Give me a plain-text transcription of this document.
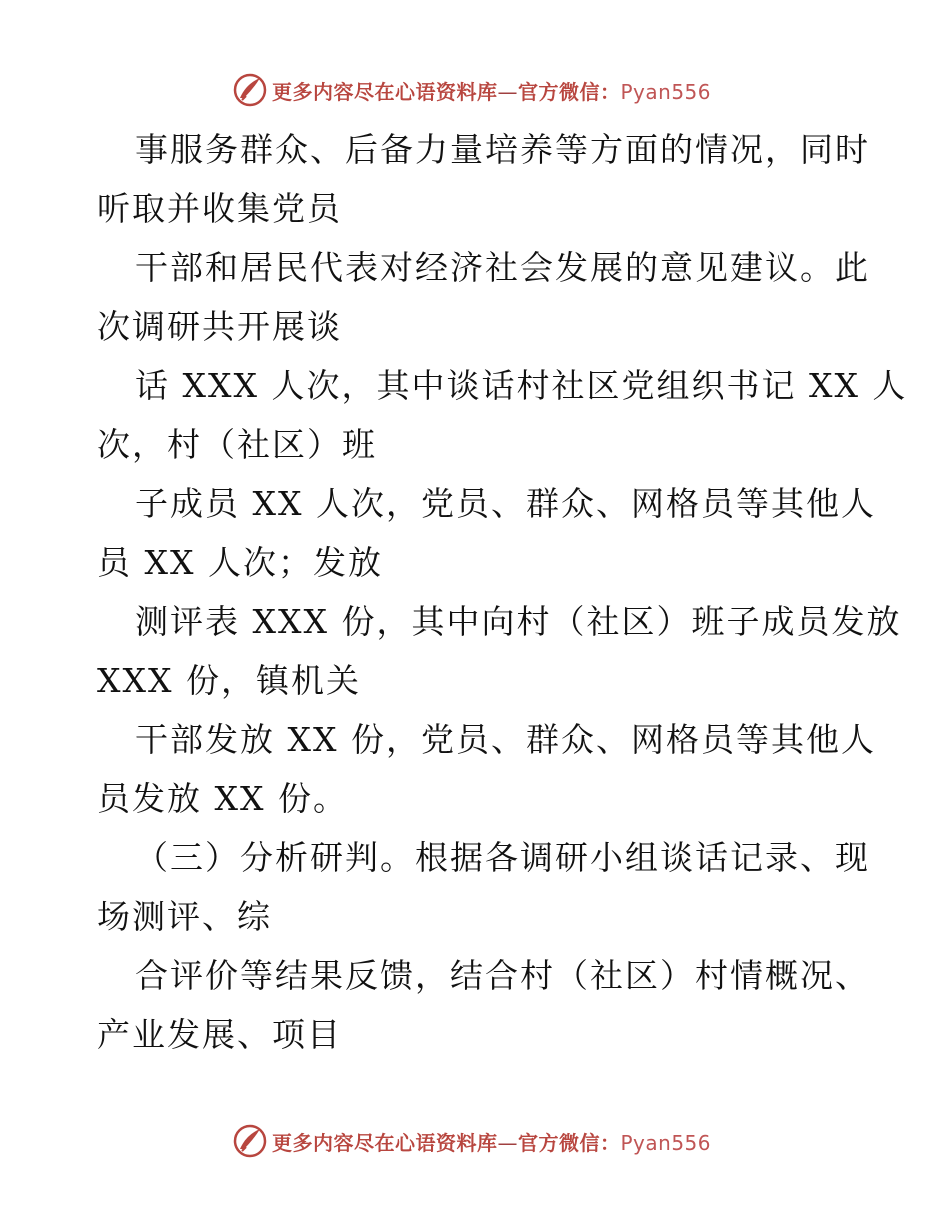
更多内容尽在心语资料库—官方微信：Pyan556

事服务群众、后备力量培养等方面的情况，同时
听取并收集党员

干部和居民代表对经济社会发展的意见建议。此
次调研共开展谈

话 XXX 人次，其中谈话村社区党组织书记 XX 人
次，村（社区）班

子成员 XX 人次，党员、群众、网格员等其他人
员 XX 人次；发放

测评表 XXX 份，其中向村（社区）班子成员发放
XXX 份，镇机关

干部发放 XX 份，党员、群众、网格员等其他人
员发放 XX 份。

（三）分析研判。根据各调研小组谈话记录、现
场测评、综

合评价等结果反馈，结合村（社区）村情概况、
产业发展、项目

更多内容尽在心语资料库—官方微信：Pyan556
